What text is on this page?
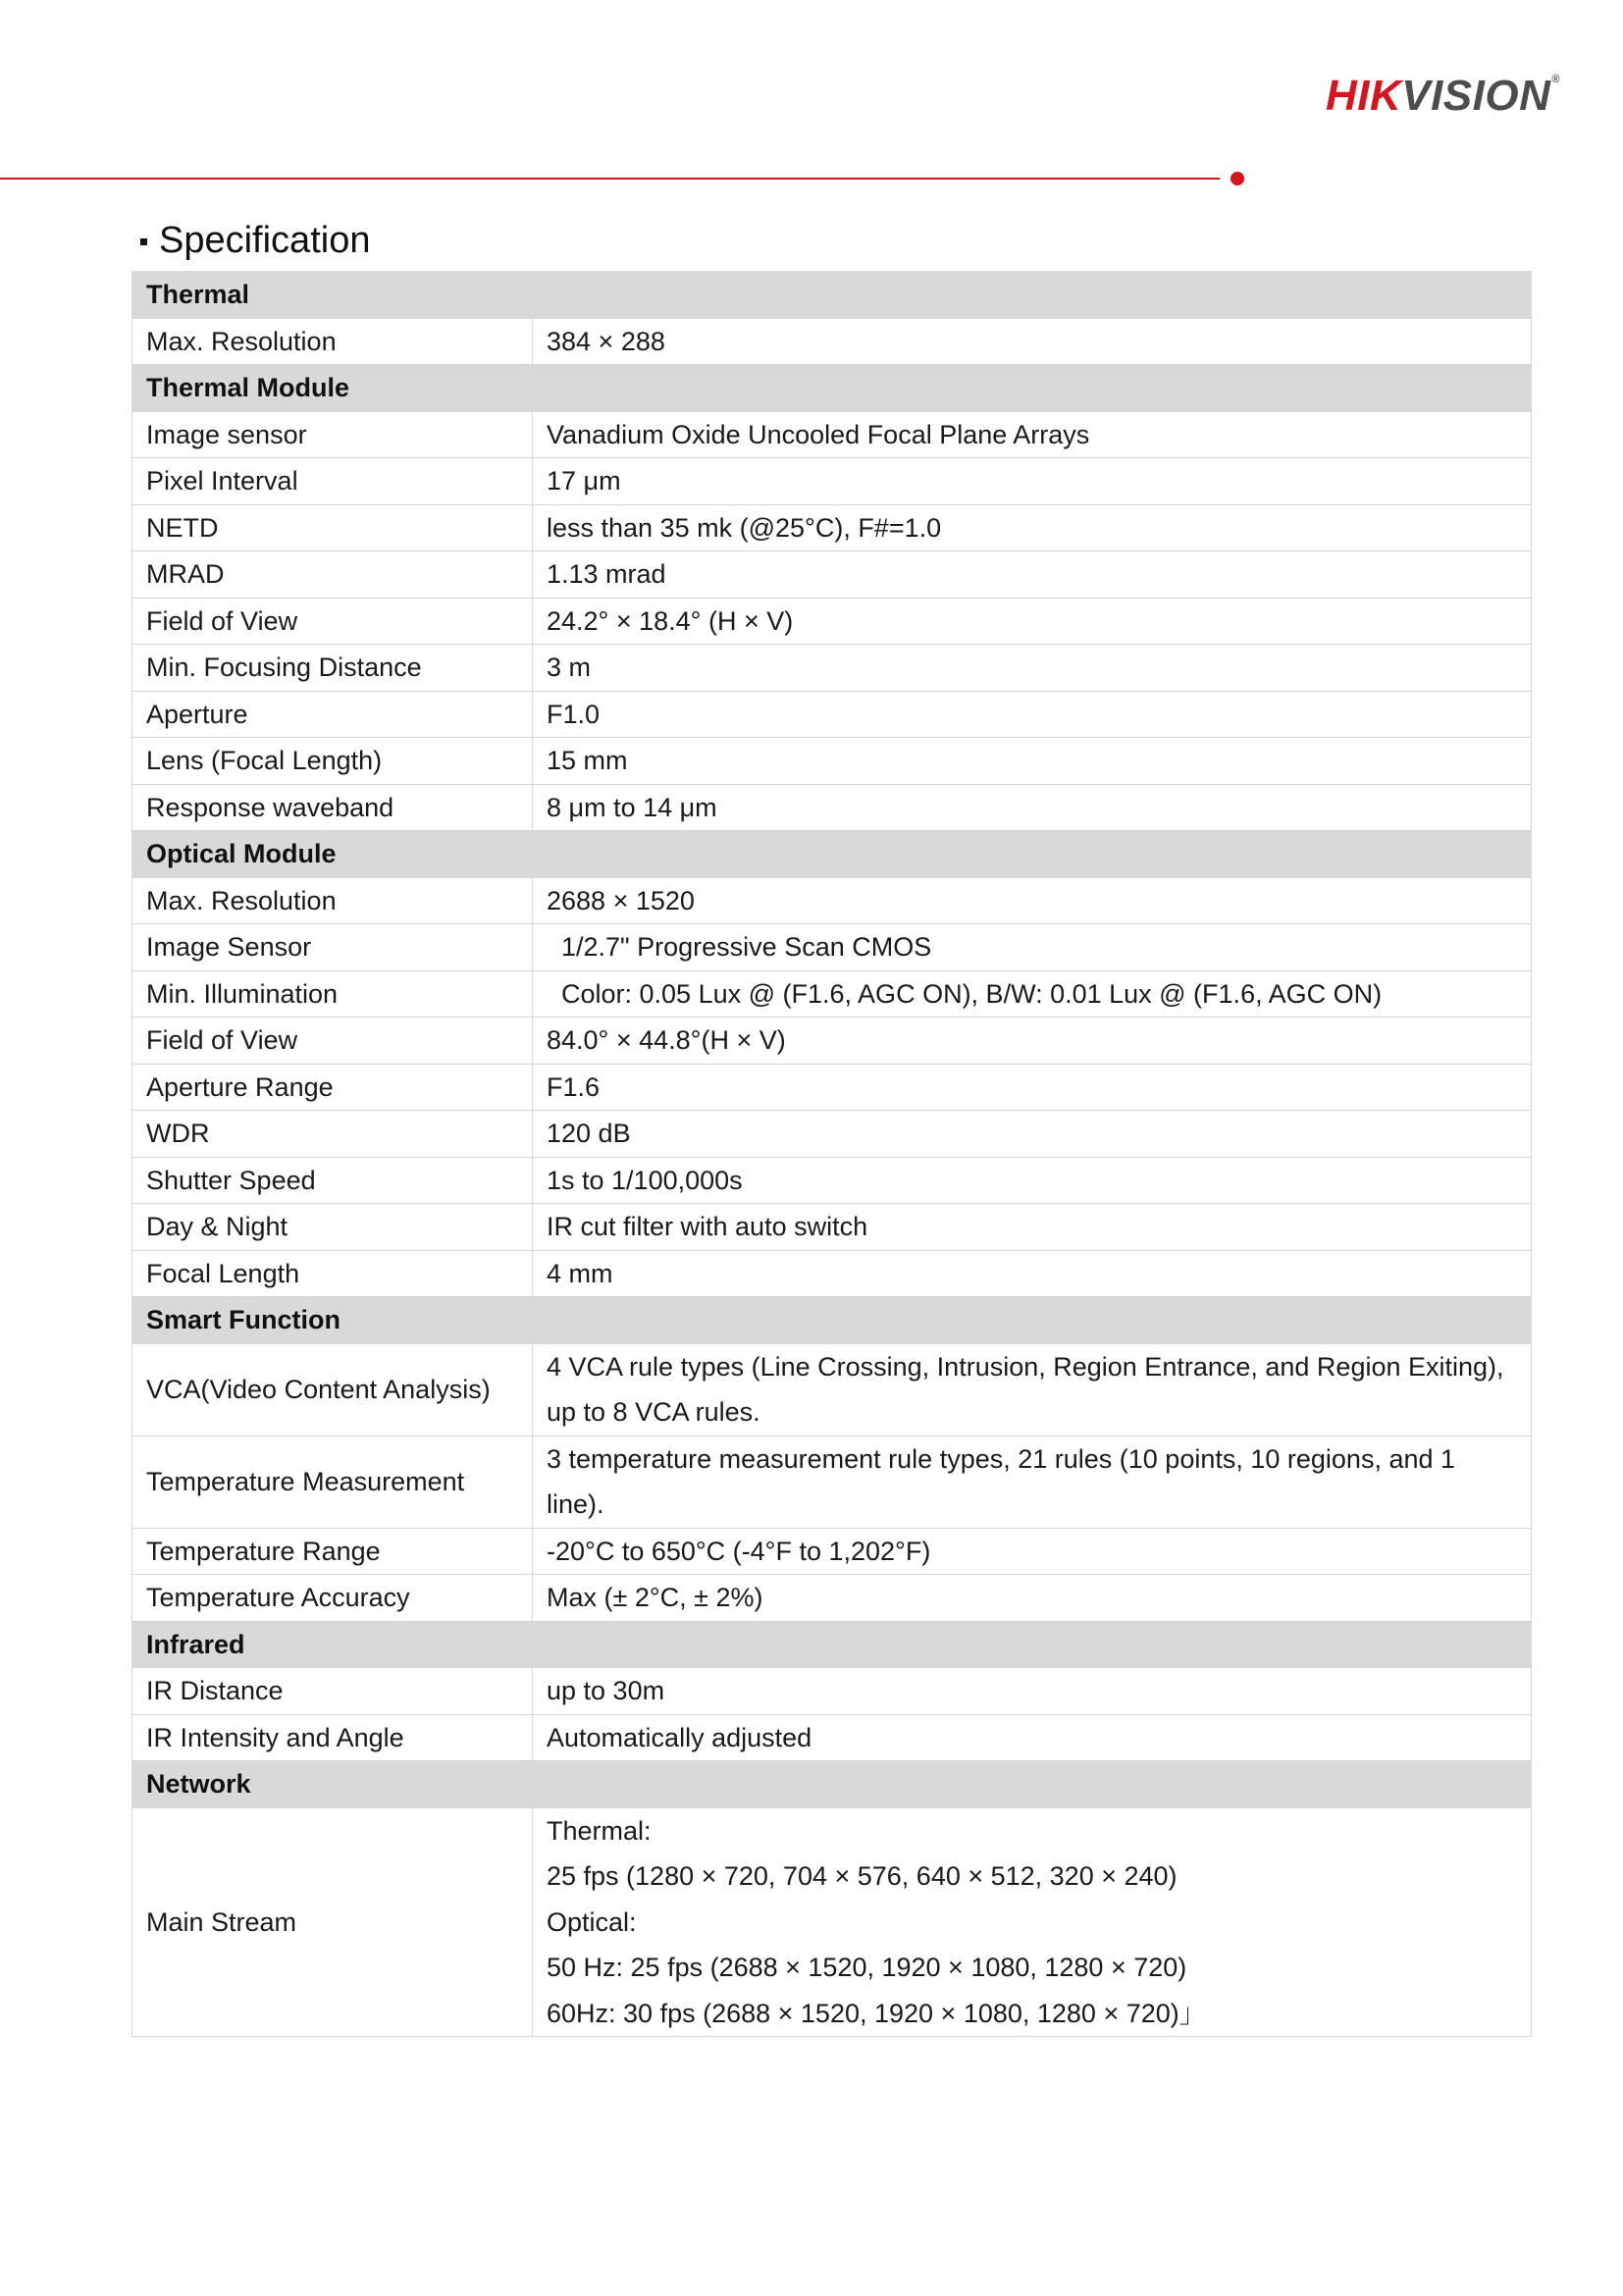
HIKVISION®
Specification
Thermal	
Max. Resolution	384 × 288

Thermal Module	
Image sensor	Vanadium Oxide Uncooled Focal Plane Arrays

Pixel Interval	17 μm

NETD	less than 35 mk (@25°C), F#=1.0

MRAD	1.13 mrad

Field of View	24.2° × 18.4° (H × V)

Min. Focusing Distance	3 m

Aperture	F1.0

Lens (Focal Length)	15 mm

Response waveband	8 μm to 14 μm

Optical Module	
Max. Resolution	2688 × 1520

Image Sensor	1/2.7" Progressive Scan CMOS

Min. Illumination	Color: 0.05 Lux @ (F1.6, AGC ON), B/W: 0.01 Lux @ (F1.6, AGC ON)

Field of View	84.0° × 44.8°(H × V)

Aperture Range	F1.6

WDR	120 dB

Shutter Speed	1s to 1/100,000s

Day & Night	IR cut filter with auto switch

Focal Length	4 mm

Smart Function	
VCA(Video Content Analysis)	4 VCA rule types (Line Crossing, Intrusion, Region Entrance, and Region Exiting),
up to 8 VCA rules.

Temperature Measurement	3 temperature measurement rule types, 21 rules (10 points, 10 regions, and 1
line).

Temperature Range	-20°C to 650°C (-4°F to 1,202°F)

Temperature Accuracy	Max (± 2°C, ± 2%)

Infrared	
IR Distance	up to 30m

IR Intensity and Angle	Automatically adjusted

Network	
Main Stream	Thermal:
25 fps (1280 × 720, 704 × 576, 640 × 512, 320 × 240)
Optical:
50 Hz: 25 fps (2688 × 1520, 1920 × 1080, 1280 × 720)
60Hz: 30 fps (2688 × 1520, 1920 × 1080, 1280 × 720)」
